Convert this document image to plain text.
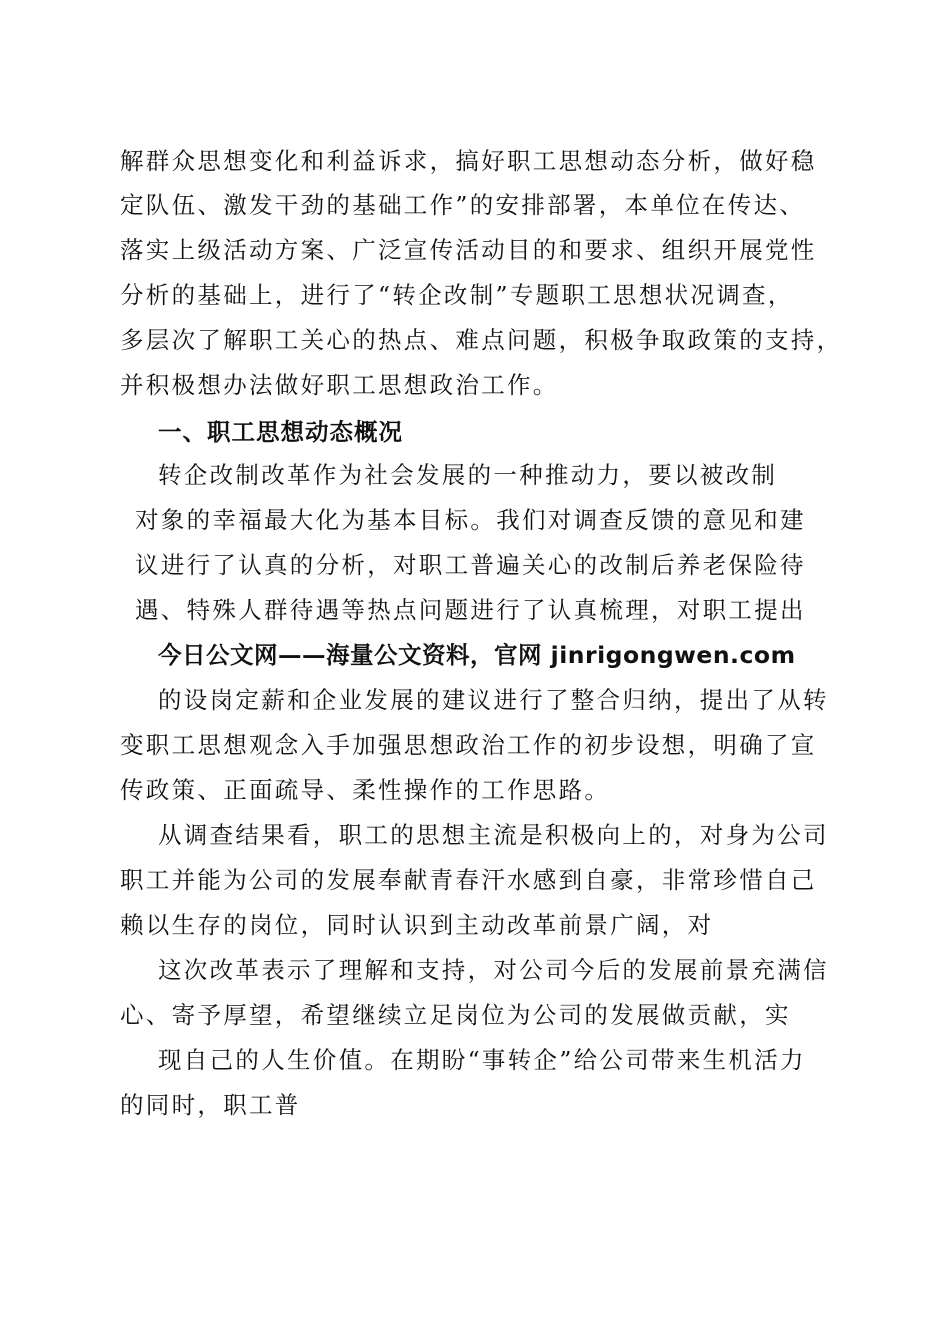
解群众思想变化和利益诉求，搞好职工思想动态分析，做好稳
定队伍、激发干劲的基础工作”的安排部署，本单位在传达、
落实上级活动方案、广泛宣传活动目的和要求、组织开展党性
分析的基础上，进行了“转企改制”专题职工思想状况调查，
多层次了解职工关心的热点、难点问题，积极争取政策的支持，
并积极想办法做好职工思想政治工作。
一、职工思想动态概况
转企改制改革作为社会发展的一种推动力，要以被改制
对象的幸福最大化为基本目标。我们对调查反馈的意见和建
议进行了认真的分析，对职工普遍关心的改制后养老保险待
遇、特殊人群待遇等热点问题进行了认真梳理，对职工提出
今日公文网——海量公文资料，官网 jinrigongwen.com
的设岗定薪和企业发展的建议进行了整合归纳，提出了从转
变职工思想观念入手加强思想政治工作的初步设想，明确了宣
传政策、正面疏导、柔性操作的工作思路。
从调查结果看，职工的思想主流是积极向上的，对身为公司
职工并能为公司的发展奉献青春汗水感到自豪，非常珍惜自己
赖以生存的岗位，同时认识到主动改革前景广阔，对
这次改革表示了理解和支持，对公司今后的发展前景充满信
心、寄予厚望，希望继续立足岗位为公司的发展做贡献，实
现自己的人生价值。在期盼“事转企”给公司带来生机活力
的同时，职工普
